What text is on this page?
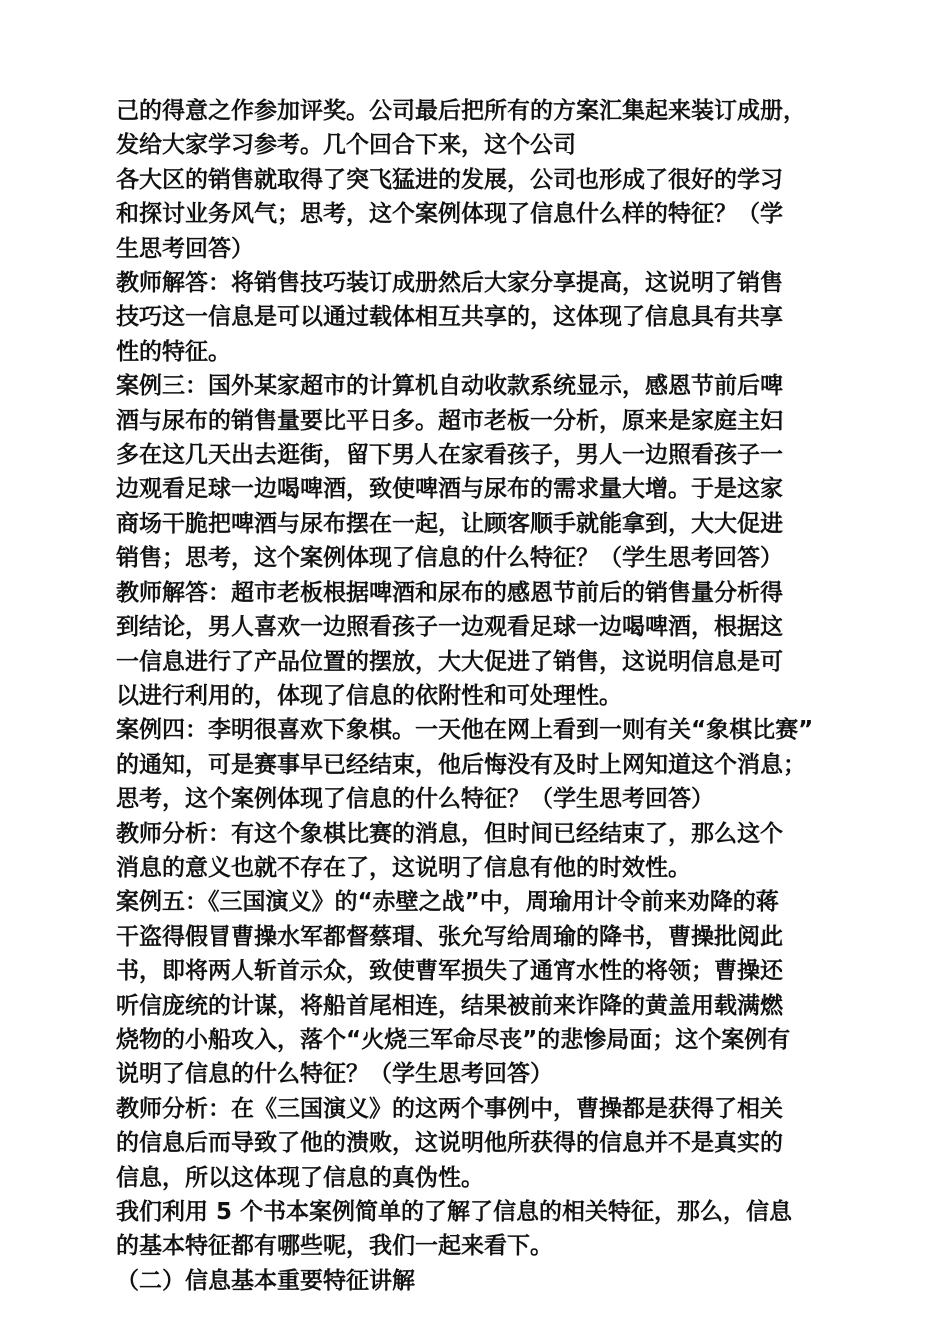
己的得意之作参加评奖。公司最后把所有的方案汇集起来装订成册，
发给大家学习参考。几个回合下来，这个公司

各大区的销售就取得了突飞猛进的发展，公司也形成了很好的学习
和探讨业务风气；思考，这个案例体现了信息什么样的特征？（学
生思考回答）

教师解答：将销售技巧装订成册然后大家分享提高，这说明了销售
技巧这一信息是可以通过载体相互共享的，这体现了信息具有共享
性的特征。

案例三：国外某家超市的计算机自动收款系统显示，感恩节前后啤
酒与尿布的销售量要比平日多。超市老板一分析，原来是家庭主妇
多在这几天出去逛街，留下男人在家看孩子，男人一边照看孩子一
边观看足球一边喝啤酒，致使啤酒与尿布的需求量大增。于是这家
商场干脆把啤酒与尿布摆在一起，让顾客顺手就能拿到，大大促进
销售；思考，这个案例体现了信息的什么特征？（学生思考回答）

教师解答：超市老板根据啤酒和尿布的感恩节前后的销售量分析得
到结论，男人喜欢一边照看孩子一边观看足球一边喝啤酒，根据这
一信息进行了产品位置的摆放，大大促进了销售，这说明信息是可
以进行利用的，体现了信息的依附性和可处理性。

案例四：李明很喜欢下象棋。一天他在网上看到一则有关“象棋比赛”
的通知，可是赛事早已经结束，他后悔没有及时上网知道这个消息；
思考，这个案例体现了信息的什么特征？（学生思考回答）

教师分析：有这个象棋比赛的消息，但时间已经结束了，那么这个
消息的意义也就不存在了，这说明了信息有他的时效性。

案例五：《三国演义》的“赤壁之战”中，周瑜用计令前来劝降的蒋
干盗得假冒曹操水军都督蔡瑁、张允写给周瑜的降书，曹操批阅此
书，即将两人斩首示众，致使曹军损失了通宵水性的将领；曹操还
听信庞统的计谋，将船首尾相连，结果被前来诈降的黄盖用载满燃
烧物的小船攻入，落个“火烧三军命尽丧”的悲惨局面；这个案例有
说明了信息的什么特征？（学生思考回答）

教师分析：在《三国演义》的这两个事例中，曹操都是获得了相关
的信息后而导致了他的溃败，这说明他所获得的信息并不是真实的
信息，所以这体现了信息的真伪性。

我们利用 5 个书本案例简单的了解了信息的相关特征，那么，信息
的基本特征都有哪些呢，我们一起来看下。

（二）信息基本重要特征讲解
